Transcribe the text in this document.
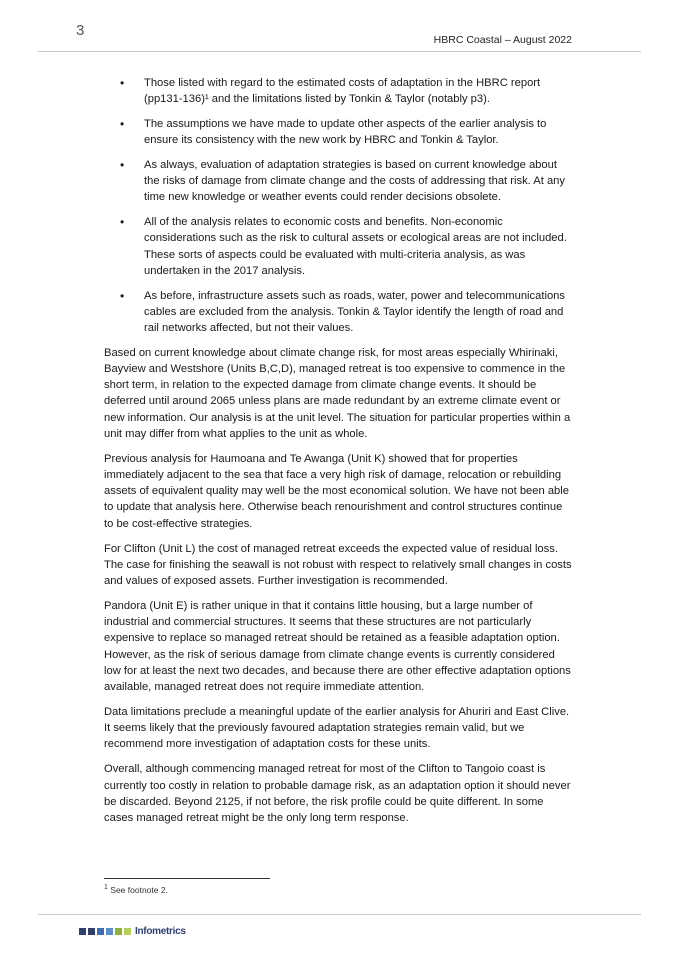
3
HBRC Coastal – August 2022
• Those listed with regard to the estimated costs of adaptation in the HBRC report (pp131-136)¹ and the limitations listed by Tonkin & Taylor (notably p3).
• The assumptions we have made to update other aspects of the earlier analysis to ensure its consistency with the new work by HBRC and Tonkin & Taylor.
• As always, evaluation of adaptation strategies is based on current knowledge about the risks of damage from climate change and the costs of addressing that risk. At any time new knowledge or weather events could render decisions obsolete.
• All of the analysis relates to economic costs and benefits. Non-economic considerations such as the risk to cultural assets or ecological areas are not included. These sorts of aspects could be evaluated with multi-criteria analysis, as was undertaken in the 2017 analysis.
• As before, infrastructure assets such as roads, water, power and telecommunications cables are excluded from the analysis. Tonkin & Taylor identify the length of road and rail networks affected, but not their values.

Based on current knowledge about climate change risk, for most areas especially Whirinaki, Bayview and Westshore (Units B,C,D), managed retreat is too expensive to commence in the short term, in relation to the expected damage from climate change events. It should be deferred until around 2065 unless plans are made redundant by an extreme climate event or new information. Our analysis is at the unit level. The situation for particular properties within a unit may differ from what applies to the unit as whole.

Previous analysis for Haumoana and Te Awanga (Unit K) showed that for properties immediately adjacent to the sea that face a very high risk of damage, relocation or rebuilding assets of equivalent quality may well be the most economical solution. We have not been able to update that analysis here. Otherwise beach renourishment and control structures continue to be cost-effective strategies.

For Clifton (Unit L) the cost of managed retreat exceeds the expected value of residual loss. The case for finishing the seawall is not robust with respect to relatively small changes in costs and values of exposed assets. Further investigation is recommended.

Pandora (Unit E) is rather unique in that it contains little housing, but a large number of industrial and commercial structures. It seems that these structures are not particularly expensive to replace so managed retreat should be retained as a feasible adaptation option. However, as the risk of serious damage from climate change events is currently considered low for at least the next two decades, and because there are other effective adaptation options available, managed retreat does not require immediate attention.

Data limitations preclude a meaningful update of the earlier analysis for Ahuriri and East Clive. It seems likely that the previously favoured adaptation strategies remain valid, but we recommend more investigation of adaptation costs for these units.

Overall, although commencing managed retreat for most of the Clifton to Tangoio coast is currently too costly in relation to probable damage risk, as an adaptation option it should never be discarded. Beyond 2125, if not before, the risk profile could be quite different. In some cases managed retreat might be the only long term response.

$^1$ See footnote 2.
Infometrics
